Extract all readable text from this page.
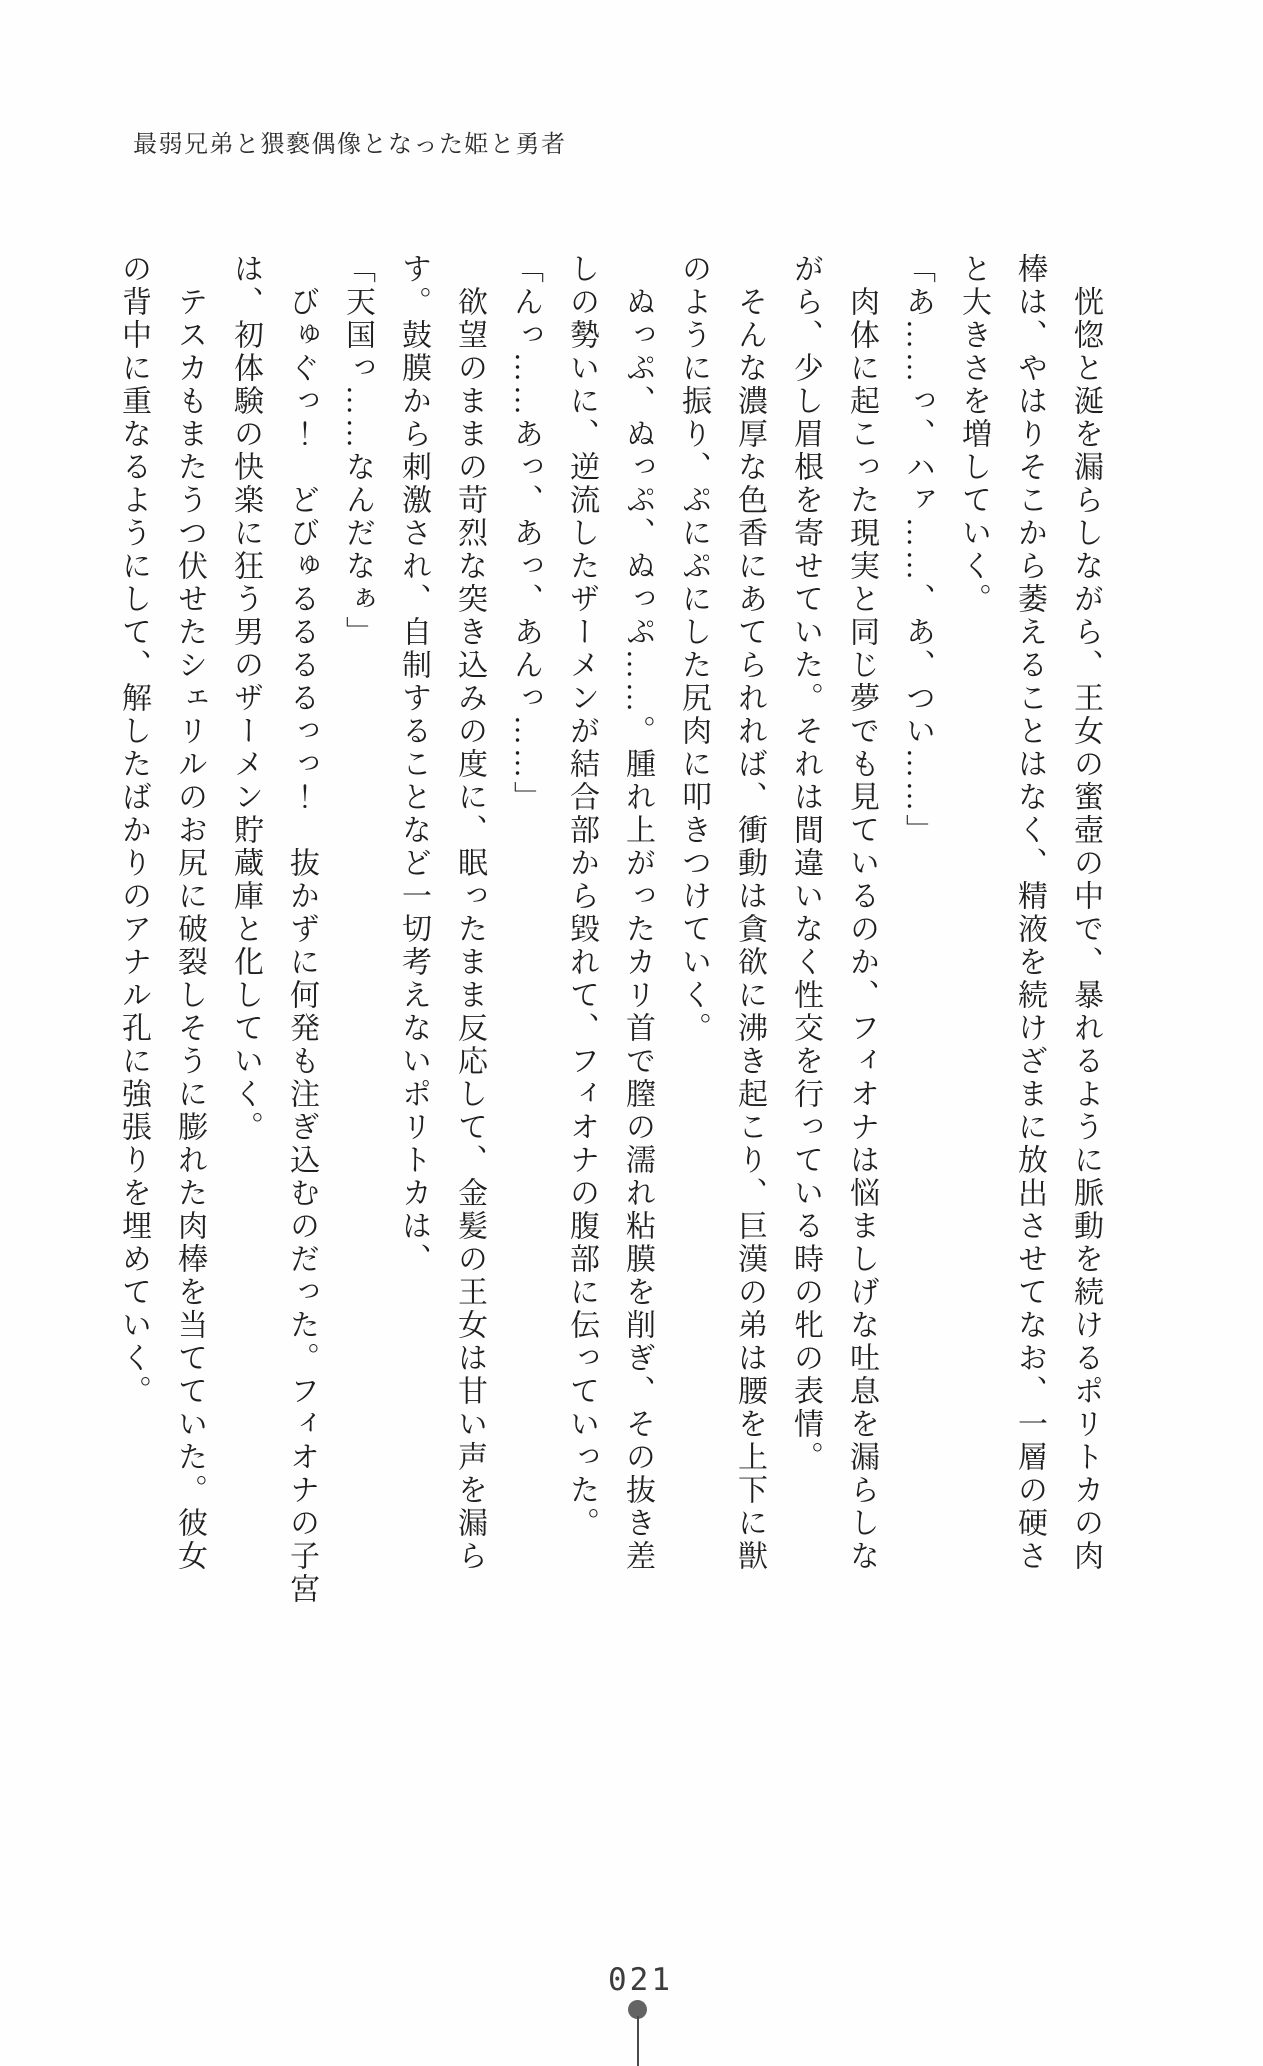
最弱兄弟と猥褻偶像となった姫と勇者

　恍惚と涎を漏らしながら、王女の蜜壺の中で、暴れるように脈動を続けるポリトカの肉

棒は、やはりそこから萎えることはなく、精液を続けざまに放出させてなお、一層の硬さ

と大きさを増していく。

「あ……っ、ハァ……、あ、つい……」

　肉体に起こった現実と同じ夢でも見ているのか、フィオナは悩ましげな吐息を漏らしな

がら、少し眉根を寄せていた。それは間違いなく性交を行っている時の牝の表情。

　そんな濃厚な色香にあてられれば、衝動は貪欲に沸き起こり、巨漢の弟は腰を上下に獣

のように振り、ぷにぷにした尻肉に叩きつけていく。

　ぬっぷ、ぬっぷ、ぬっぷ……。腫れ上がったカリ首で膣の濡れ粘膜を削ぎ、その抜き差

しの勢いに、逆流したザーメンが結合部から毀れて、フィオナの腹部に伝っていった。

「んっ……あっ、あっ、あんっ……」

　欲望のままの苛烈な突き込みの度に、眠ったまま反応して、金髪の王女は甘い声を漏ら

す。鼓膜から刺激され、自制することなど一切考えないポリトカは、

「天国っ……なんだなぁ」

　びゅぐっ！　どびゅるるるるっっ！　抜かずに何発も注ぎ込むのだった。フィオナの子宮

は、初体験の快楽に狂う男のザーメン貯蔵庫と化していく。

　テスカもまたうつ伏せたシェリルのお尻に破裂しそうに膨れた肉棒を当てていた。彼女

の背中に重なるようにして、解したばかりのアナル孔に強張りを埋めていく。

021
